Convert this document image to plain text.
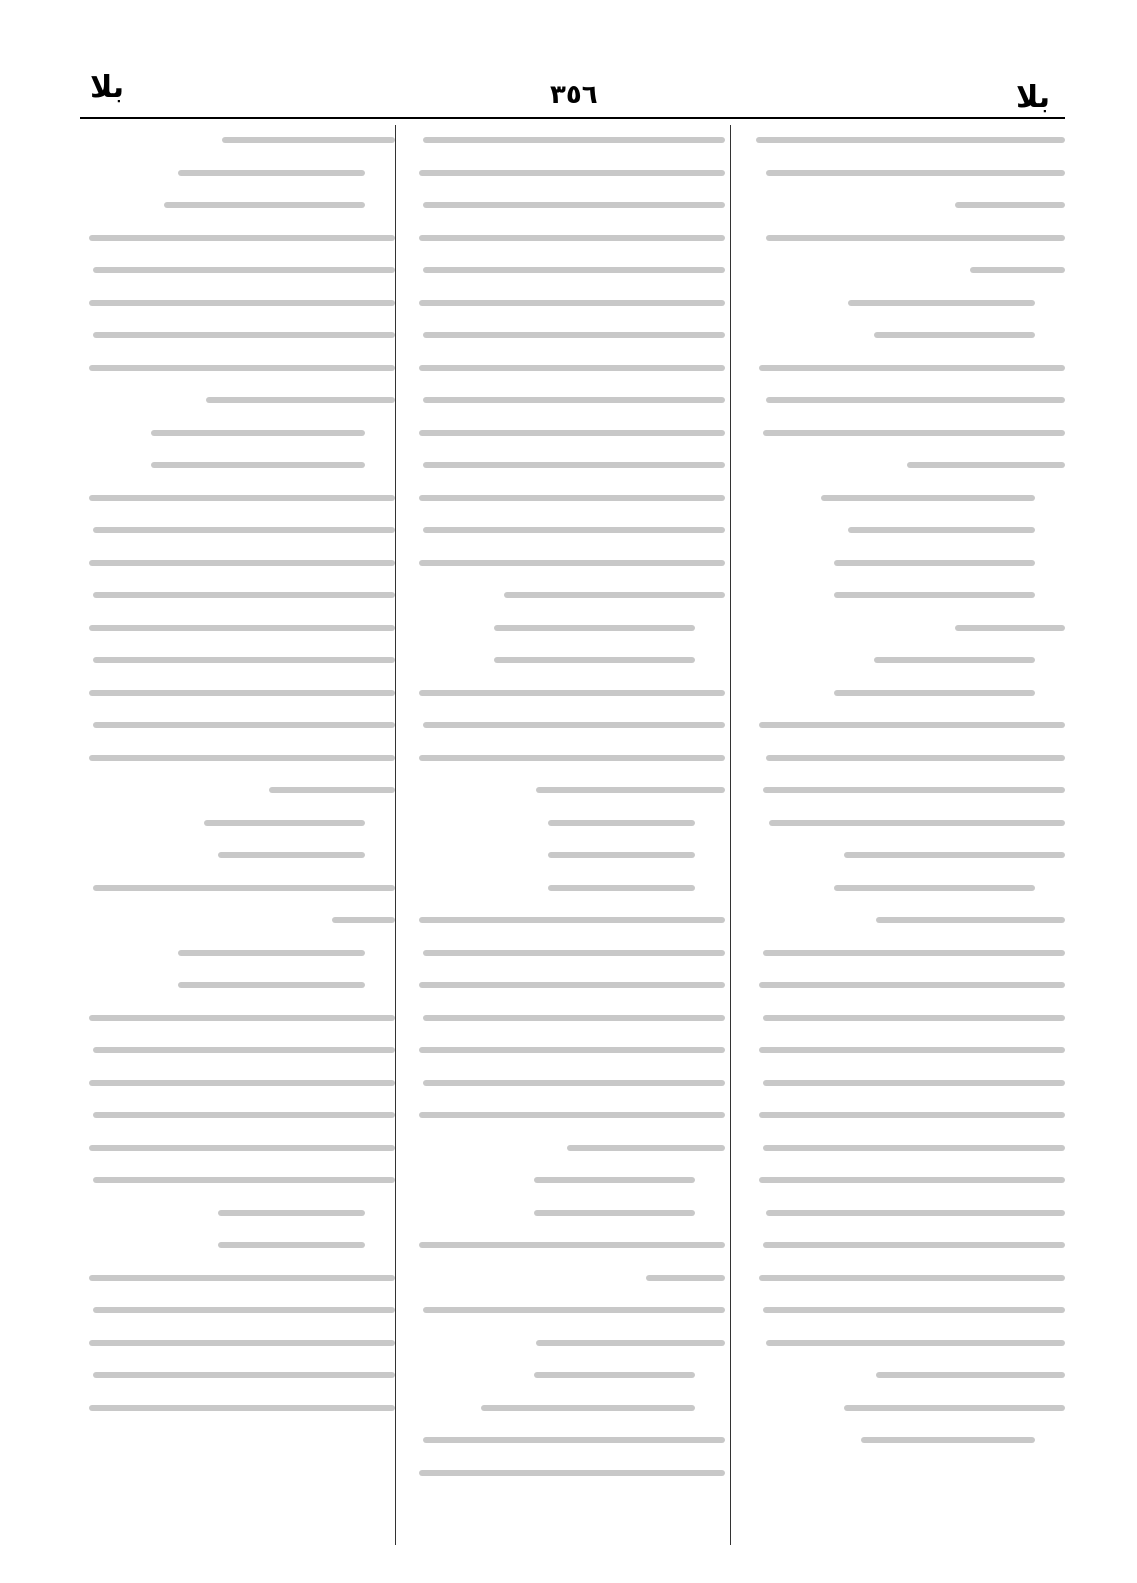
بلا
٣٥٦
بلا
